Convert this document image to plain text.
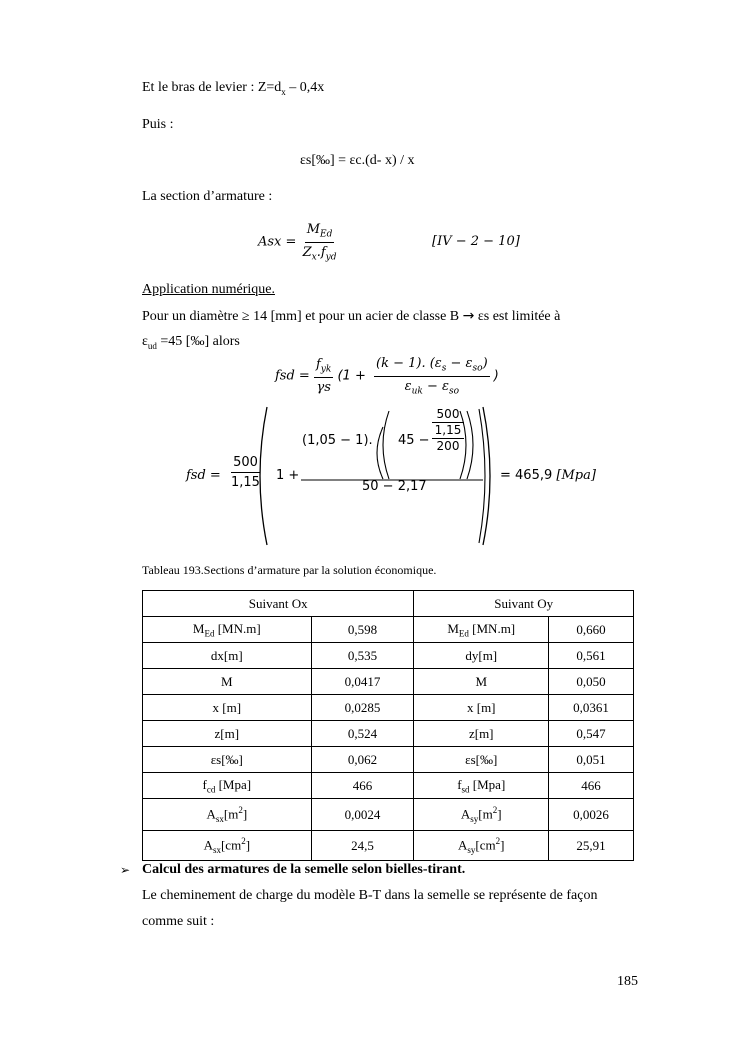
Et le bras de levier : $Z=d_x - 0,4x$
Puis :
εs[‰] = εc.(d- x) / x
La section d’armature :
Asx = $\frac{M_{Ed}}{Z_x.f_{yd}}$	[IV − 2 − 10]
Application numérique.
Pour un diamètre ≥ 14 [mm] et pour un acier de classe B → εs est limitée à
$\varepsilon_{ud} =45$ [‰] alors
fsd = $\frac{f_{yk}}{\gamma s} (1 + \frac{(k - 1). (\varepsilon_s - \varepsilon_{so})}{\varepsilon_{uk} - \varepsilon_{so}}$ )
fsd = $\frac{500}{1,15} 1$ +
(1,05 − 1). 45 −
500
1,15
200
50 − 2,17
= 465,9 [Mpa]
Tableau 193.Sections d’armature par la solution économique.
Suivant Ox		Suivant Oy	
$M_{Ed}$ [MN.m]	0,598	$M_{Ed}$ [MN.m]	0,660
dx[m]	0,535	dy[m]	0,561
Μ	0,0417	Μ	0,050
x [m]	0,0285	x [m]	0,0361
z[m]	0,524	z[m]	0,547
εs[‰]	0,062	εs[‰]	0,051
$f_{cd}$ [Mpa]	466	$f_{sd}$ [Mpa]	466
$A_{sx}[m^2]$	0,0024	$A_{sy}[m^2]$	0,0026
$A_{sx}[cm^2]$	24,5	$A_{sy}[cm^2]$	25,91
➢ Calcul des armatures de la semelle selon bielles-tirant.
Le cheminement de charge du modèle B-T dans la semelle se représente de façon
comme suit :
185
